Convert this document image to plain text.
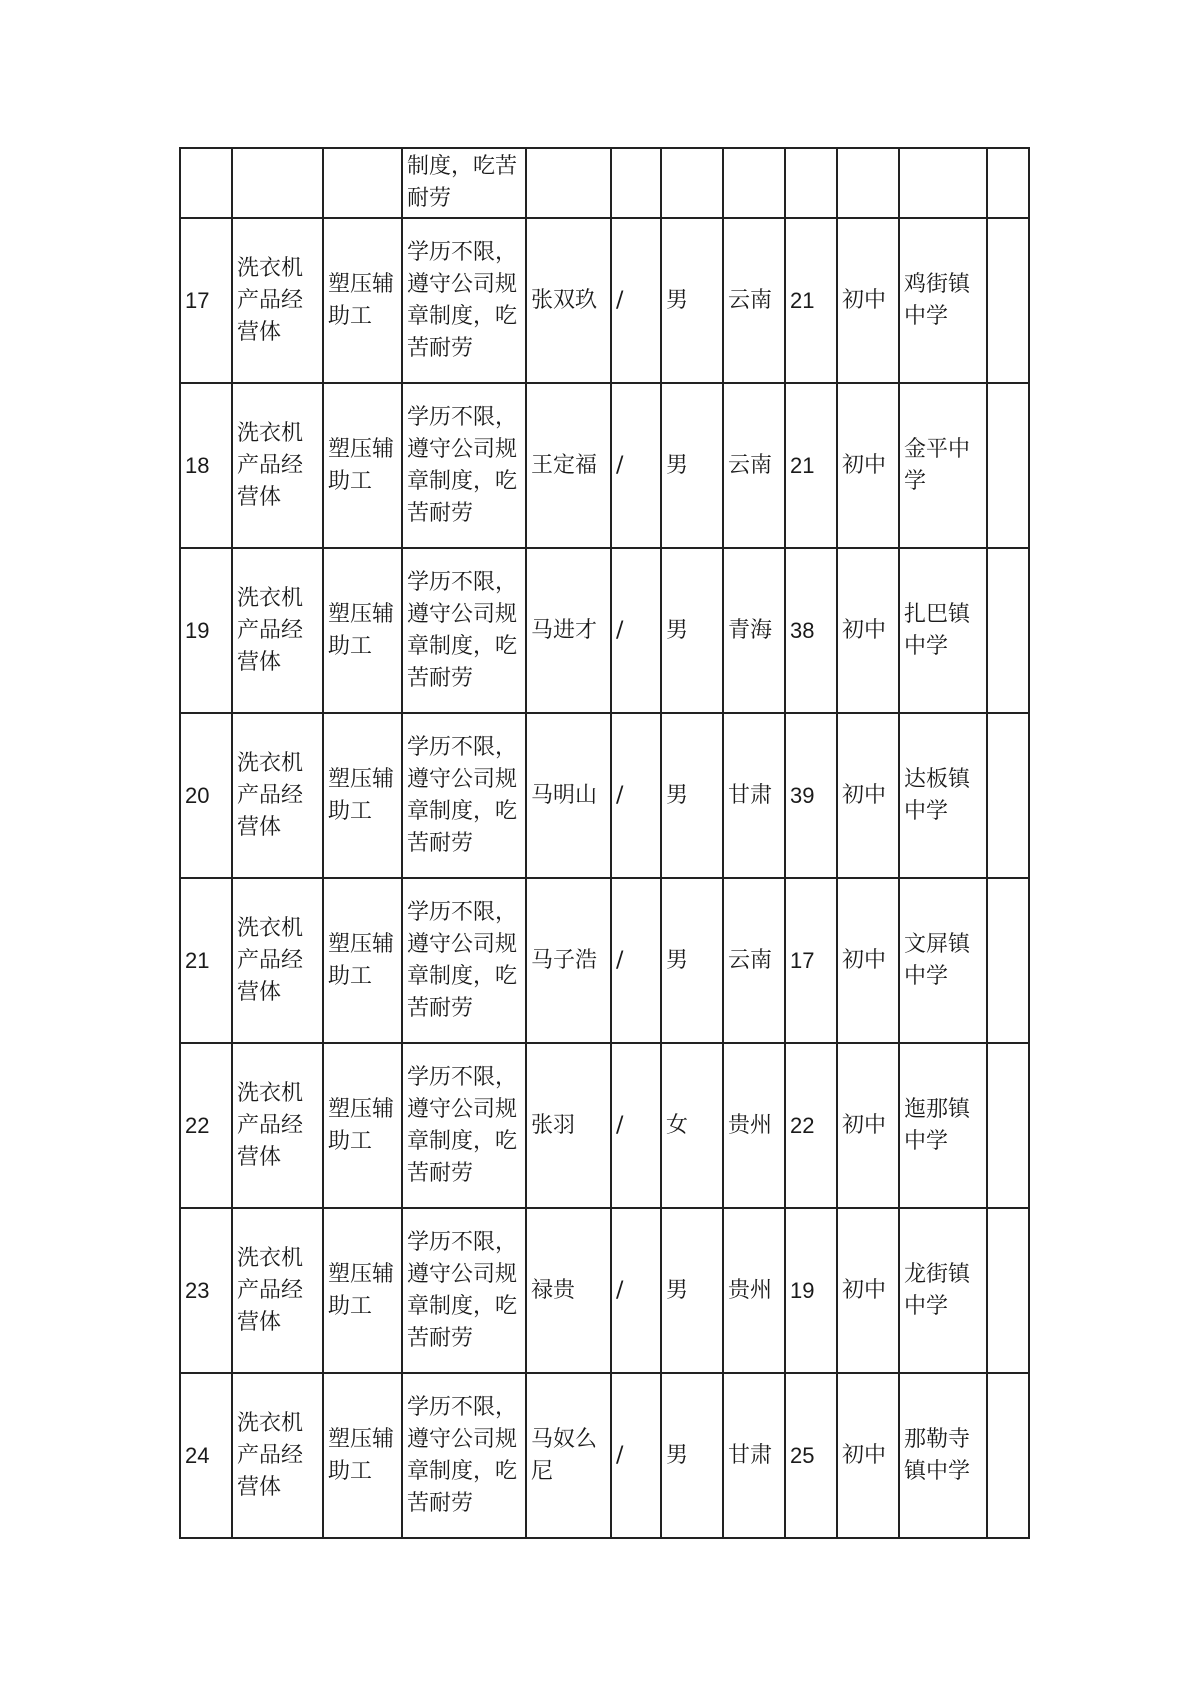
			制度，吃苦耐劳								
17	洗衣机产品经营体	塑压辅助工	学历不限，遵守公司规章制度，吃苦耐劳	张双玖	/	男	云南	21	初中	鸡街镇中学	
18	洗衣机产品经营体	塑压辅助工	学历不限，遵守公司规章制度，吃苦耐劳	王定福	/	男	云南	21	初中	金平中学	
19	洗衣机产品经营体	塑压辅助工	学历不限，遵守公司规章制度，吃苦耐劳	马进才	/	男	青海	38	初中	扎巴镇中学	
20	洗衣机产品经营体	塑压辅助工	学历不限，遵守公司规章制度，吃苦耐劳	马明山	/	男	甘肃	39	初中	达板镇中学	
21	洗衣机产品经营体	塑压辅助工	学历不限，遵守公司规章制度，吃苦耐劳	马子浩	/	男	云南	17	初中	文屏镇中学	
22	洗衣机产品经营体	塑压辅助工	学历不限，遵守公司规章制度，吃苦耐劳	张羽	/	女	贵州	22	初中	迤那镇中学	
23	洗衣机产品经营体	塑压辅助工	学历不限，遵守公司规章制度，吃苦耐劳	禄贵	/	男	贵州	19	初中	龙街镇中学	
24	洗衣机产品经营体	塑压辅助工	学历不限，遵守公司规章制度，吃苦耐劳	马奴么尼	/	男	甘肃	25	初中	那勒寺镇中学	
